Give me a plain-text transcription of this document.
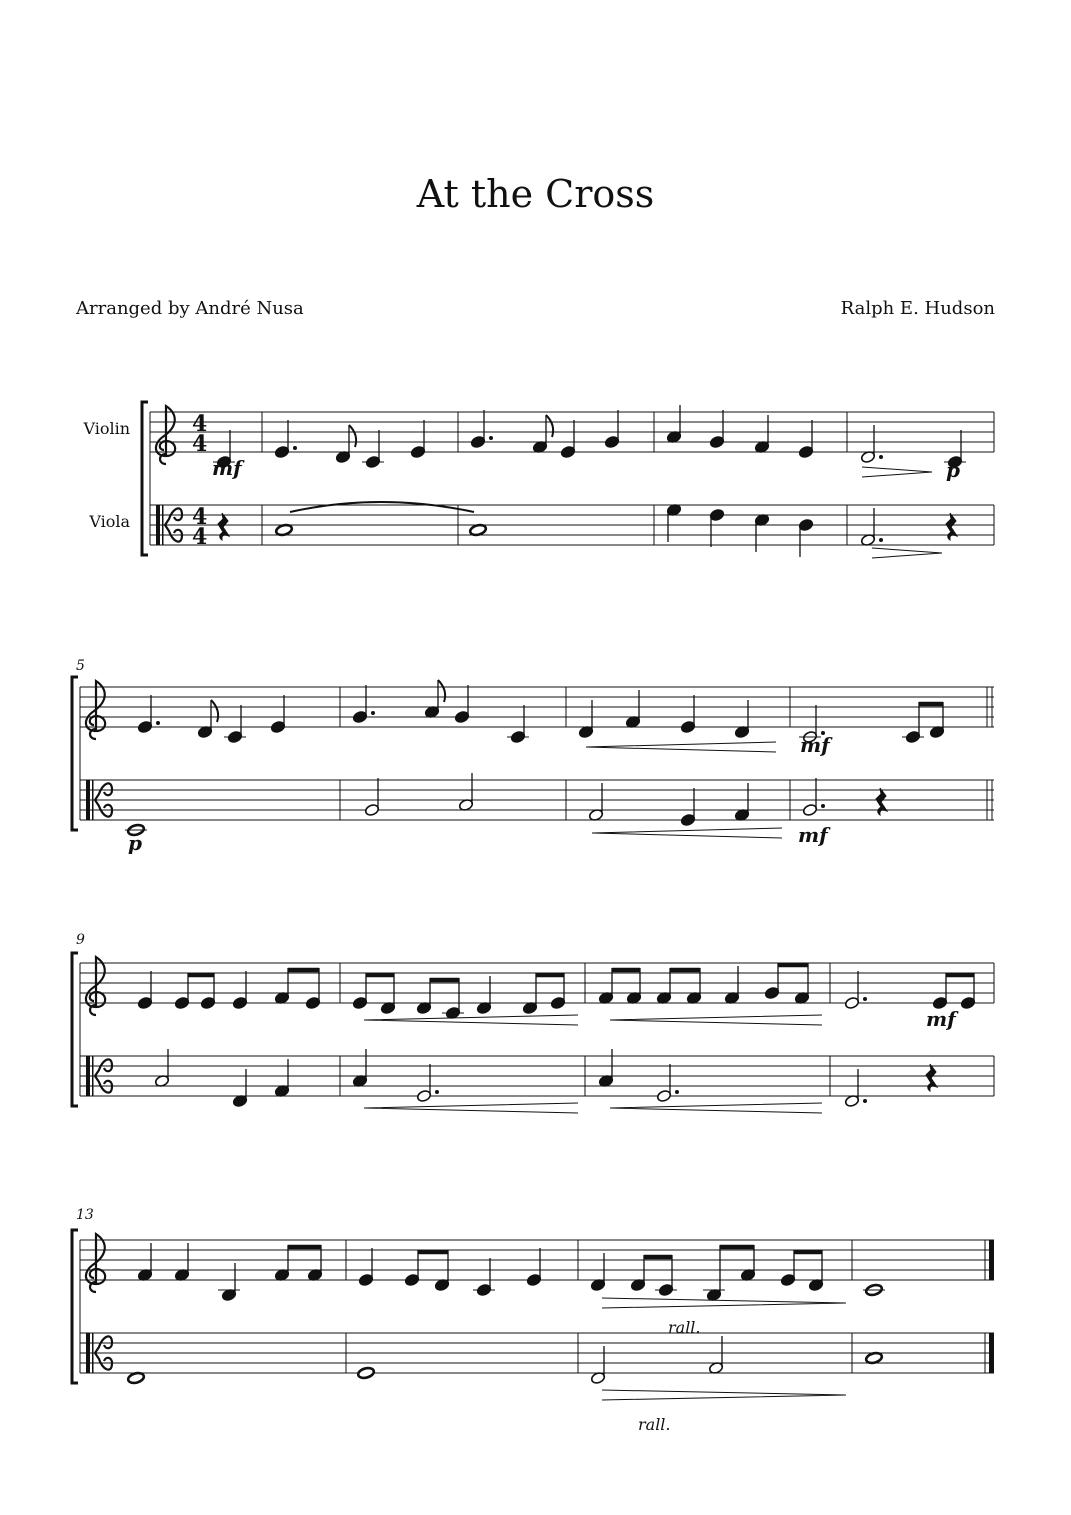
At the Cross
Arranged by André Nusa	Ralph E. Hudson
Violin
Viola
4
4
4
4
5
9
13
mf	p
p
mf
mf
mf
rall.
rall.
